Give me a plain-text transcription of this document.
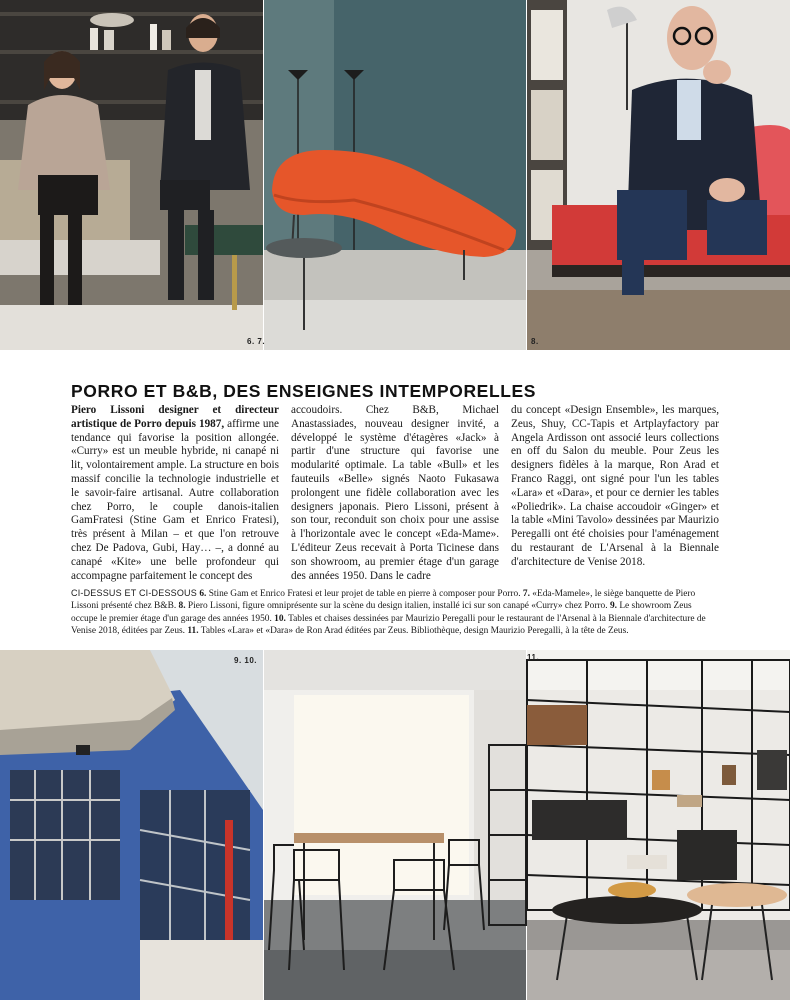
6. 7.	8.
PORRO ET B&B, DES ENSEIGNES INTEMPORELLES

Piero Lissoni designer et directeur artistique de Porro depuis 1987, affirme une tendance qui favorise la position allongée. «Curry» est un meuble hybride, ni canapé ni lit, volontairement ample. La structure en bois massif concilie la technologie industrielle et le savoir-faire artisanal. Autre collaboration chez Porro, le couple danois-italien GamFratesi (Stine Gam et Enrico Fratesi), très présent à Milan – et que l'on retrouve chez De Padova, Gubi, Hay… –, a donné au canapé «Kite» une belle profondeur qui accompagne parfaitement le concept des

accoudoirs. Chez B&B, Michael Anastassiades, nouveau designer invité, a développé le système d'étagères «Jack» à partir d'une structure qui favorise une modularité optimale. La table «Bull» et les fauteuils «Belle» signés Naoto Fukasawa prolongent une fidèle collaboration avec les designers japonais. Piero Lissoni, présent à son tour, reconduit son choix pour une assise à l'horizontale avec le concept «Eda-Mame». L'éditeur Zeus recevait à Porta Ticinese dans son showroom, au premier étage d'un garage des années 1950. Dans le cadre

du concept «Design Ensemble», les marques, Zeus, Shuy, CC-Tapis et Artplayfactory par Angela Ardisson ont associé leurs collections en off du Salon du meuble. Pour Zeus les designers fidèles à la marque, Ron Arad et Franco Raggi, ont signé pour l'un les tables «Lara» et «Dara», et pour ce dernier les tables «Poliedrik». La chaise accoudoir «Ginger» et la table «Mini Tavolo» dessinées par Maurizio Peregalli ont été choisies pour l'aménagement du restaurant de L'Arsenal à la Biennale d'architecture de Venise 2018.

CI-DESSUS ET CI-DESSOUS 6. Stine Gam et Enrico Fratesi et leur projet de table en pierre à composer pour Porro. 7. «Eda-Mamele», le siège banquette de Piero Lissoni présenté chez B&B. 8. Piero Lissoni, figure omniprésente sur la scène du design italien, installé ici sur son canapé «Curry» chez Porro. 9. Le showroom Zeus occupe le premier étage d'un garage des années 1950. 10. Tables et chaises dessinées par Maurizio Peregalli pour le restaurant de l'Arsenal à la Biennale d'architecture de Venise 2018, éditées par Zeus. 11. Tables «Lara» et «Dara» de Ron Arad éditées par Zeus. Bibliothèque, design Maurizio Peregalli, à la tête de Zeus.

9. 10.	11.
